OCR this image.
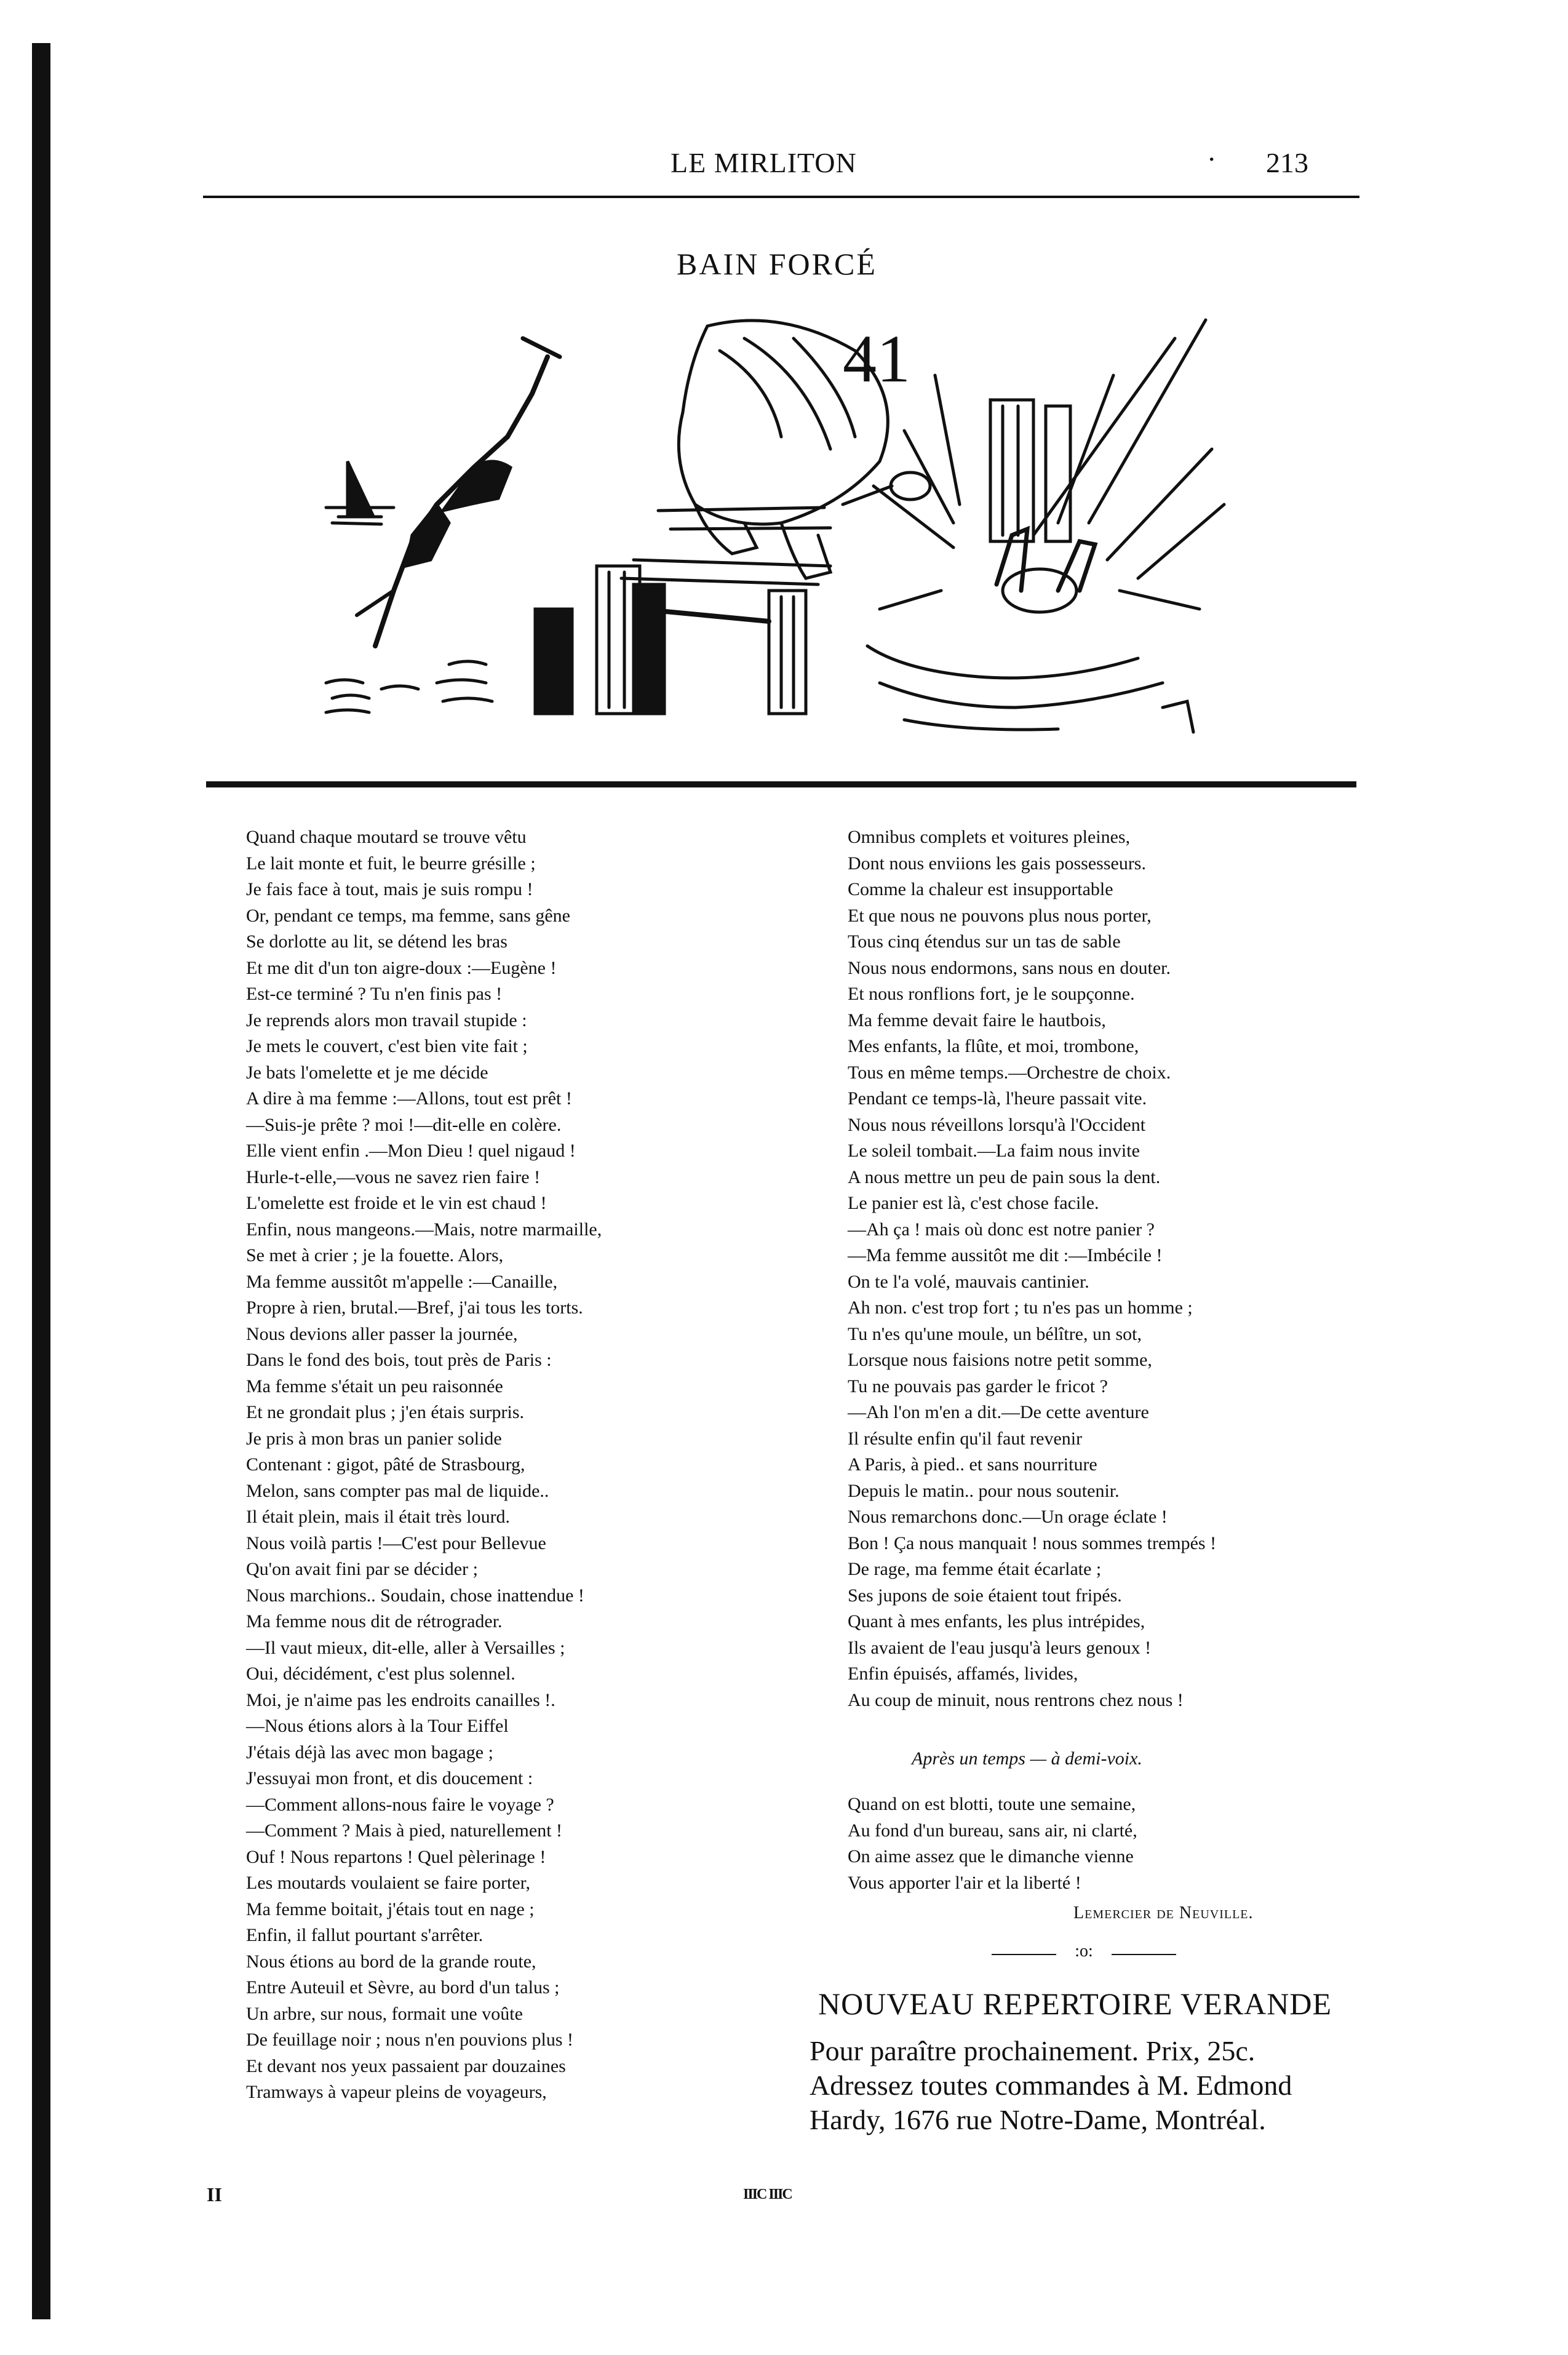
LE MIRLITON	· 213
BAIN FORCÉ
41
Quand chaque moutard se trouve vêtu
Le lait monte et fuit, le beurre grésille ;
Je fais face à tout, mais je suis rompu !
Or, pendant ce temps, ma femme, sans gêne
Se dorlotte au lit, se détend les bras
Et me dit d'un ton aigre-doux :—Eugène !
Est-ce terminé ? Tu n'en finis pas !
Je reprends alors mon travail stupide :
Je mets le couvert, c'est bien vite fait ;
Je bats l'omelette et je me décide
A dire à ma femme :—Allons, tout est prêt !
—Suis-je prête ? moi !—dit-elle en colère.
Elle vient enfin .—Mon Dieu ! quel nigaud !
Hurle-t-elle,—vous ne savez rien faire !
L'omelette est froide et le vin est chaud !
Enfin, nous mangeons.—Mais, notre marmaille,
Se met à crier ; je la fouette. Alors,
Ma femme aussitôt m'appelle :—Canaille,
Propre à rien, brutal.—Bref, j'ai tous les torts.
Nous devions aller passer la journée,
Dans le fond des bois, tout près de Paris :
Ma femme s'était un peu raisonnée
Et ne grondait plus ; j'en étais surpris.
Je pris à mon bras un panier solide
Contenant : gigot, pâté de Strasbourg,
Melon, sans compter pas mal de liquide..
Il était plein, mais il était très lourd.
Nous voilà partis !—C'est pour Bellevue
Qu'on avait fini par se décider ;
Nous marchions.. Soudain, chose inattendue !
Ma femme nous dit de rétrograder.
—Il vaut mieux, dit-elle, aller à Versailles ;
Oui, décidément, c'est plus solennel.
Moi, je n'aime pas les endroits canailles !.
—Nous étions alors à la Tour Eiffel
J'étais déjà las avec mon bagage ;
J'essuyai mon front, et dis doucement :
—Comment allons-nous faire le voyage ?
—Comment ? Mais à pied, naturellement !
Ouf ! Nous repartons ! Quel pèlerinage !
Les moutards voulaient se faire porter,
Ma femme boitait, j'étais tout en nage ;
Enfin, il fallut pourtant s'arrêter.
Nous étions au bord de la grande route,
Entre Auteuil et Sèvre, au bord d'un talus ;
Un arbre, sur nous, formait une voûte
De feuillage noir ; nous n'en pouvions plus !
Et devant nos yeux passaient par douzaines
Tramways à vapeur pleins de voyageurs,
Omnibus complets et voitures pleines,
Dont nous enviions les gais possesseurs.
Comme la chaleur est insupportable
Et que nous ne pouvons plus nous porter,
Tous cinq étendus sur un tas de sable
Nous nous endormons, sans nous en douter.
Et nous ronflions fort, je le soupçonne.
Ma femme devait faire le hautbois,
Mes enfants, la flûte, et moi, trombone,
Tous en même temps.—Orchestre de choix.
Pendant ce temps-là, l'heure passait vite.
Nous nous réveillons lorsqu'à l'Occident
Le soleil tombait.—La faim nous invite
A nous mettre un peu de pain sous la dent.
Le panier est là, c'est chose facile.
—Ah ça ! mais où donc est notre panier ?
—Ma femme aussitôt me dit :—Imbécile !
On te l'a volé, mauvais cantinier.
Ah non. c'est trop fort ; tu n'es pas un homme ;
Tu n'es qu'une moule, un bélître, un sot,
Lorsque nous faisions notre petit somme,
Tu ne pouvais pas garder le fricot ?
—Ah l'on m'en a dit.—De cette aventure
Il résulte enfin qu'il faut revenir
A Paris, à pied.. et sans nourriture
Depuis le matin.. pour nous soutenir.
Nous remarchons donc.—Un orage éclate !
Bon ! Ça nous manquait ! nous sommes trempés !
De rage, ma femme était écarlate ;
Ses jupons de soie étaient tout fripés.
Quant à mes enfants, les plus intrépides,
Ils avaient de l'eau jusqu'à leurs genoux !
Enfin épuisés, affamés, livides,
Au coup de minuit, nous rentrons chez nous !
II	IIIC IIIC
Après un temps — à demi-voix.
Quand on est blotti, toute une semaine,
Au fond d'un bureau, sans air, ni clarté,
On aime assez que le dimanche vienne
Vous apporter l'air et la liberté !
Lemercier de Neuville.
:o:
NOUVEAU REPERTOIRE VERANDE
Pour paraître prochainement. Prix, 25c.
Adressez toutes commandes à M. Edmond
Hardy, 1676 rue Notre-Dame, Montréal.
